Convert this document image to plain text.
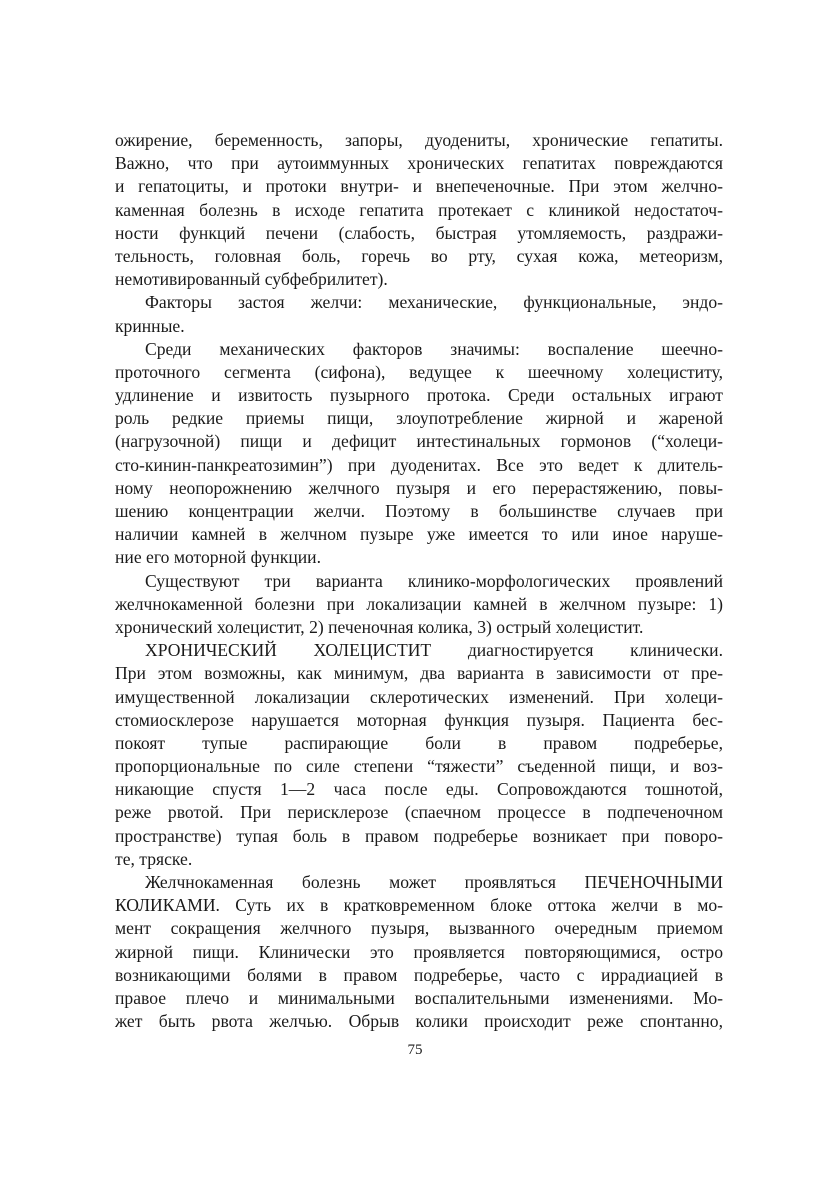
ожирение, беременность, запоры, дуодениты, хронические гепатиты.
Важно, что при аутоиммунных хронических гепатитах повреждаются
и гепатоциты, и протоки внутри- и внепеченочные. При этом желчно-
каменная болезнь в исходе гепатита протекает с клиникой недостаточ-
ности функций печени (слабость, быстрая утомляемость, раздражи-
тельность, головная боль, горечь во рту, сухая кожа, метеоризм,
немотивированный субфебрилитет).
Факторы застоя желчи: механические, функциональные, эндо-
кринные.
Среди механических факторов значимы: воспаление шеечно-
проточного сегмента (сифона), ведущее к шеечному холециститу,
удлинение и извитость пузырного протока. Среди остальных играют
роль редкие приемы пищи, злоупотребление жирной и жареной
(нагрузочной) пищи и дефицит интестинальных гормонов (“холеци-
сто-кинин-панкреатозимин”) при дуоденитах. Все это ведет к длитель-
ному неопорожнению желчного пузыря и его перерастяжению, повы-
шению концентрации желчи. Поэтому в большинстве случаев при
наличии камней в желчном пузыре уже имеется то или иное наруше-
ние его моторной функции.
Существуют три варианта клинико-морфологических проявлений
желчнокаменной болезни при локализации камней в желчном пузыре: 1)
хронический холецистит, 2) печеночная колика, 3) острый холецистит.
ХРОНИЧЕСКИЙ ХОЛЕЦИСТИТ диагностируется клинически.
При этом возможны, как минимум, два варианта в зависимости от пре-
имущественной локализации склеротических изменений. При холеци-
стомиосклерозе нарушается моторная функция пузыря. Пациента бес-
покоят тупые распирающие боли в правом подреберье,
пропорциональные по силе степени “тяжести” съеденной пищи, и воз-
никающие спустя 1—2 часа после еды. Сопровождаются тошнотой,
реже рвотой. При перисклерозе (спаечном процессе в подпеченочном
пространстве) тупая боль в правом подреберье возникает при поворо-
те, тряске.
Желчнокаменная болезнь может проявляться ПЕЧЕНОЧНЫМИ
КОЛИКАМИ. Суть их в кратковременном блоке оттока желчи в мо-
мент сокращения желчного пузыря, вызванного очередным приемом
жирной пищи. Клинически это проявляется повторяющимися, остро
возникающими болями в правом подреберье, часто с иррадиацией в
правое плечо и минимальными воспалительными изменениями. Мо-
жет быть рвота желчью. Обрыв колики происходит реже спонтанно,
75
